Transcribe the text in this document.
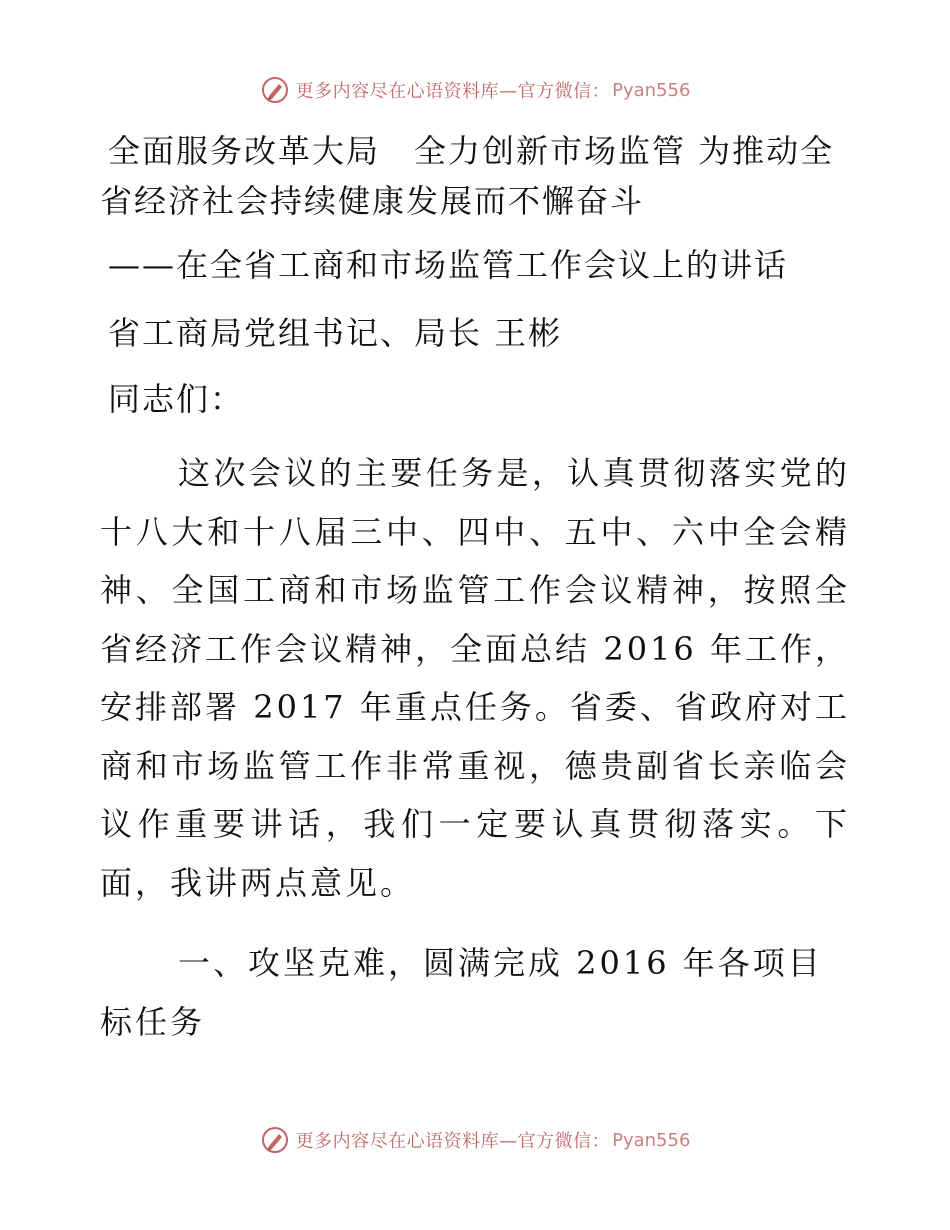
更多内容尽在心语资料库—官方微信： Pyan556
全面服务改革大局　全力创新市场监管 为推动全省经济社会持续健康发展而不懈奋斗

——在全省工商和市场监管工作会议上的讲话

省工商局党组书记、局长 王彬

同志们：

这次会议的主要任务是，认真贯彻落实党的十八大和十八届三中、四中、五中、六中全会精神、全国工商和市场监管工作会议精神，按照全省经济工作会议精神，全面总结 2016 年工作，安排部署 2017 年重点任务。省委、省政府对工商和市场监管工作非常重视，德贵副省长亲临会议作重要讲话，我们一定要认真贯彻落实。下面，我讲两点意见。

一、攻坚克难，圆满完成 2016 年各项目标任务

更多内容尽在心语资料库—官方微信： Pyan556
